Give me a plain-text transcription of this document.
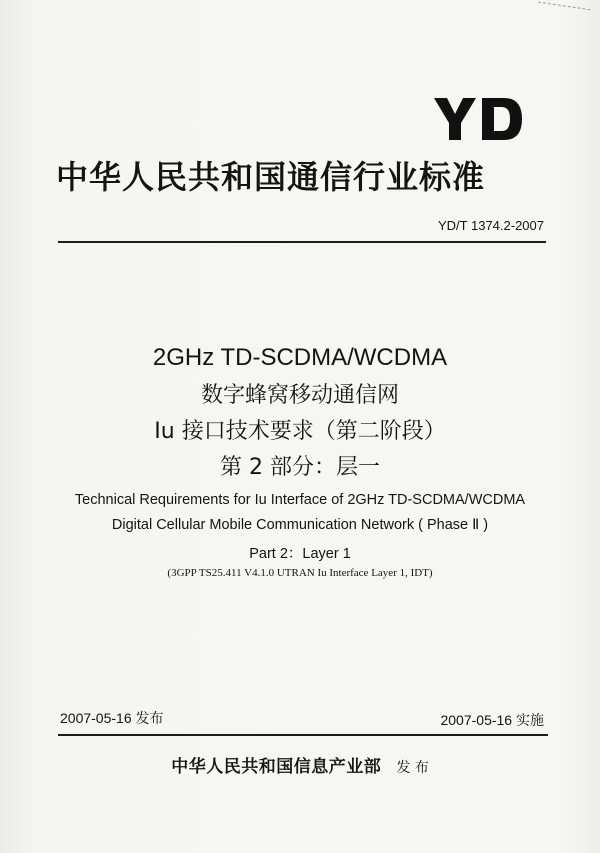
中华人民共和国通信行业标准
YD/T 1374.2-2007
2GHz TD-SCDMA/WCDMA
数字蜂窝移动通信网
Iu 接口技术要求（第二阶段）
第 2 部分：层一
Technical Requirements for Iu Interface of 2GHz TD-SCDMA/WCDMA
Digital Cellular Mobile Communication Network ( Phase Ⅱ )
Part 2：Layer 1
(3GPP TS25.411 V4.1.0 UTRAN Iu Interface Layer 1, IDT)
2007-05-16 发布	2007-05-16 实施
中华人民共和国信息产业部 发 布
